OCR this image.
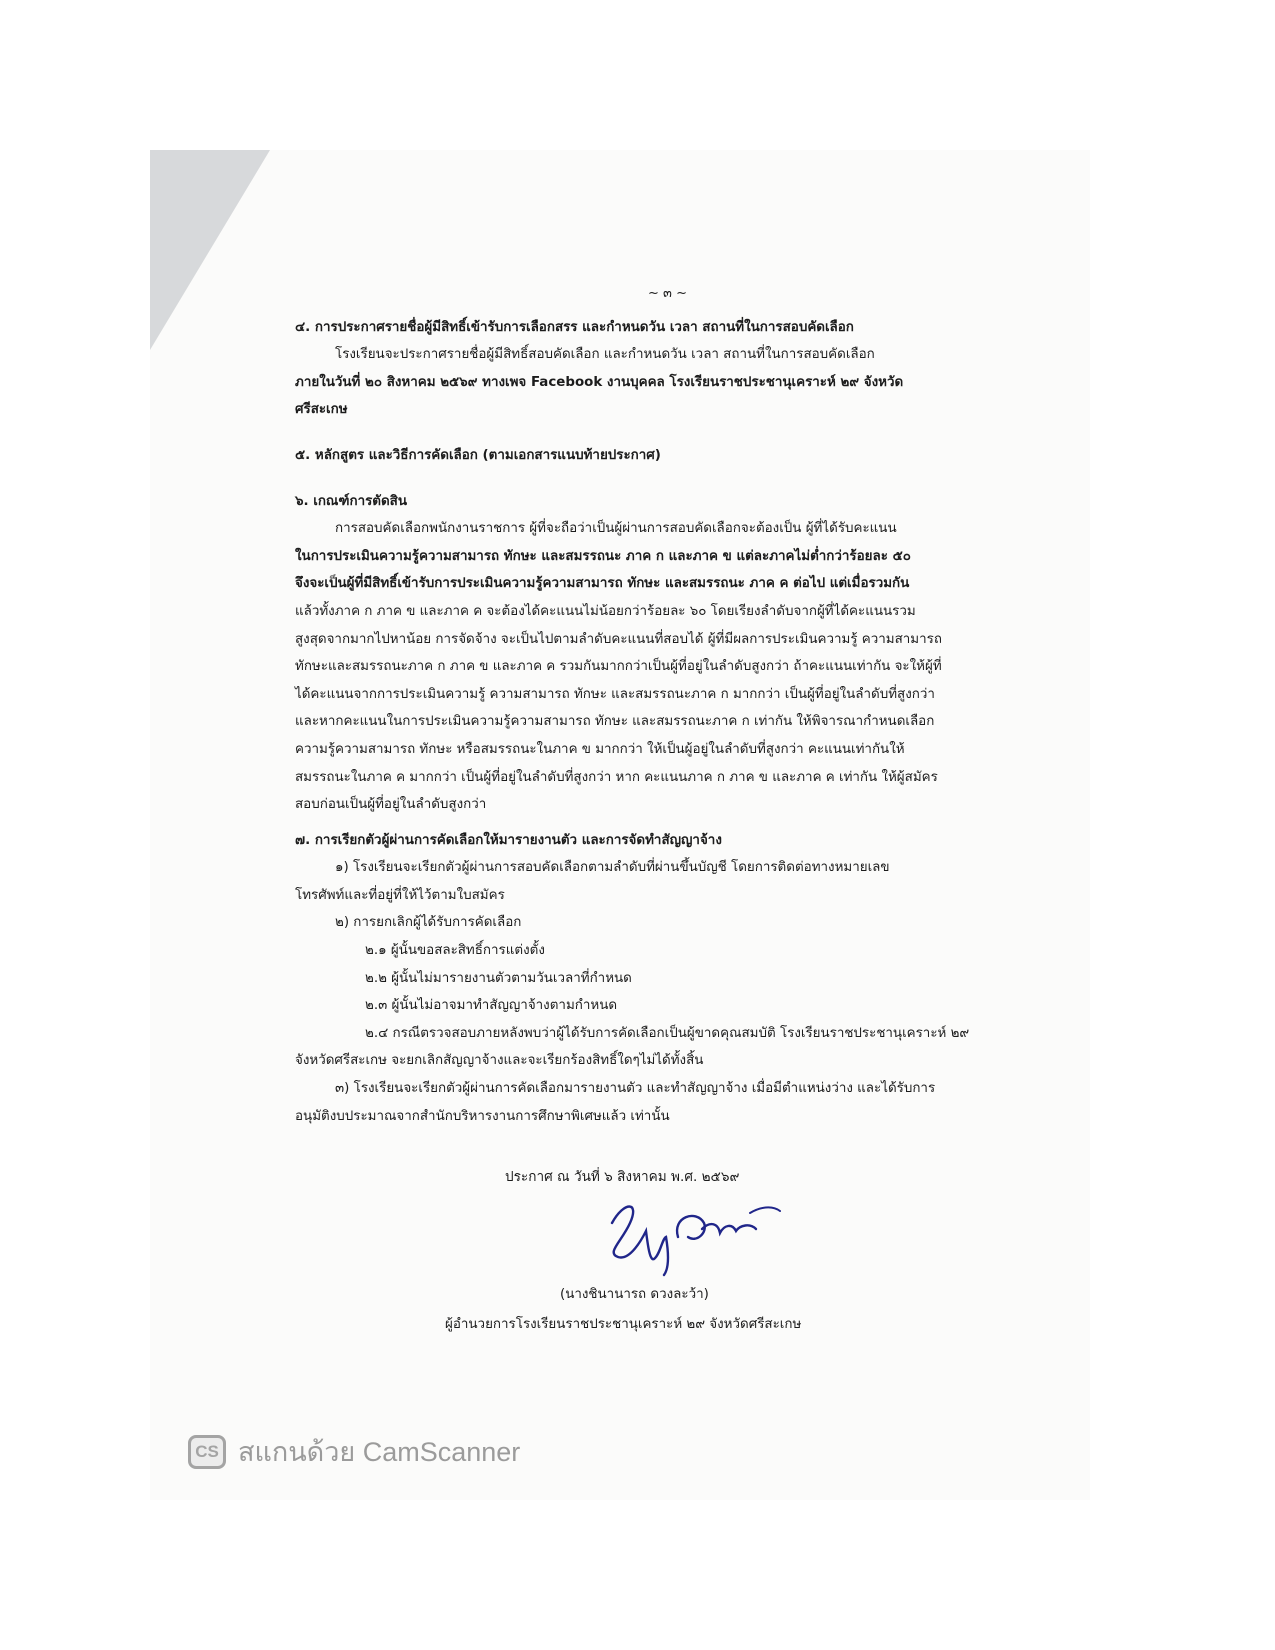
~ ๓ ~

๔. การประกาศรายชื่อผู้มีสิทธิ์เข้ารับการเลือกสรร และกำหนดวัน เวลา สถานที่ในการสอบคัดเลือก

โรงเรียนจะประกาศรายชื่อผู้มีสิทธิ์สอบคัดเลือก และกำหนดวัน เวลา สถานที่ในการสอบคัดเลือก

ภายในวันที่ ๒๐ สิงหาคม ๒๕๖๙ ทางเพจ Facebook งานบุคคล โรงเรียนราชประชานุเคราะห์ ๒๙ จังหวัด

ศรีสะเกษ

๕. หลักสูตร และวิธีการคัดเลือก (ตามเอกสารแนบท้ายประกาศ)

๖. เกณฑ์การตัดสิน

การสอบคัดเลือกพนักงานราชการ ผู้ที่จะถือว่าเป็นผู้ผ่านการสอบคัดเลือกจะต้องเป็น ผู้ที่ได้รับคะแนน

ในการประเมินความรู้ความสามารถ ทักษะ และสมรรถนะ ภาค ก และภาค ข แต่ละภาคไม่ต่ำกว่าร้อยละ ๕๐

จึงจะเป็นผู้ที่มีสิทธิ์เข้ารับการประเมินความรู้ความสามารถ ทักษะ และสมรรถนะ ภาค ค ต่อไป แต่เมื่อรวมกัน

แล้วทั้งภาค ก ภาค ข และภาค ค จะต้องได้คะแนนไม่น้อยกว่าร้อยละ ๖๐ โดยเรียงลำดับจากผู้ที่ได้คะแนนรวม

สูงสุดจากมากไปหาน้อย การจัดจ้าง จะเป็นไปตามลำดับคะแนนที่สอบได้ ผู้ที่มีผลการประเมินความรู้ ความสามารถ

ทักษะและสมรรถนะภาค ก ภาค ข และภาค ค รวมกันมากกว่าเป็นผู้ที่อยู่ในลำดับสูงกว่า ถ้าคะแนนเท่ากัน จะให้ผู้ที่

ได้คะแนนจากการประเมินความรู้ ความสามารถ ทักษะ และสมรรถนะภาค ก มากกว่า เป็นผู้ที่อยู่ในลำดับที่สูงกว่า

และหากคะแนนในการประเมินความรู้ความสามารถ ทักษะ และสมรรถนะภาค ก เท่ากัน ให้พิจารณากำหนดเลือก

ความรู้ความสามารถ ทักษะ หรือสมรรถนะในภาค ข มากกว่า ให้เป็นผู้อยู่ในลำดับที่สูงกว่า คะแนนเท่ากันให้

สมรรถนะในภาค ค มากกว่า เป็นผู้ที่อยู่ในลำดับที่สูงกว่า หาก คะแนนภาค ก ภาค ข และภาค ค เท่ากัน ให้ผู้สมัคร

สอบก่อนเป็นผู้ที่อยู่ในลำดับสูงกว่า

๗. การเรียกตัวผู้ผ่านการคัดเลือกให้มารายงานตัว และการจัดทำสัญญาจ้าง

๑) โรงเรียนจะเรียกตัวผู้ผ่านการสอบคัดเลือกตามลำดับที่ผ่านขึ้นบัญชี โดยการติดต่อทางหมายเลข

โทรศัพท์และที่อยู่ที่ให้ไว้ตามใบสมัคร

๒) การยกเลิกผู้ได้รับการคัดเลือก

๒.๑ ผู้นั้นขอสละสิทธิ์การแต่งตั้ง

๒.๒ ผู้นั้นไม่มารายงานตัวตามวันเวลาที่กำหนด

๒.๓ ผู้นั้นไม่อาจมาทำสัญญาจ้างตามกำหนด

๒.๔ กรณีตรวจสอบภายหลังพบว่าผู้ได้รับการคัดเลือกเป็นผู้ขาดคุณสมบัติ โรงเรียนราชประชานุเคราะห์ ๒๙

จังหวัดศรีสะเกษ จะยกเลิกสัญญาจ้างและจะเรียกร้องสิทธิ์ใดๆไม่ได้ทั้งสิ้น

๓) โรงเรียนจะเรียกตัวผู้ผ่านการคัดเลือกมารายงานตัว และทำสัญญาจ้าง เมื่อมีตำแหน่งว่าง และได้รับการ

อนุมัติงบประมาณจากสำนักบริหารงานการศึกษาพิเศษแล้ว เท่านั้น

ประกาศ ณ วันที่ ๖ สิงหาคม พ.ศ. ๒๕๖๙
(นางชินานารถ ดวงละว้า)
ผู้อำนวยการโรงเรียนราชประชานุเคราะห์ ๒๙ จังหวัดศรีสะเกษ
CS สแกนด้วย CamScanner
